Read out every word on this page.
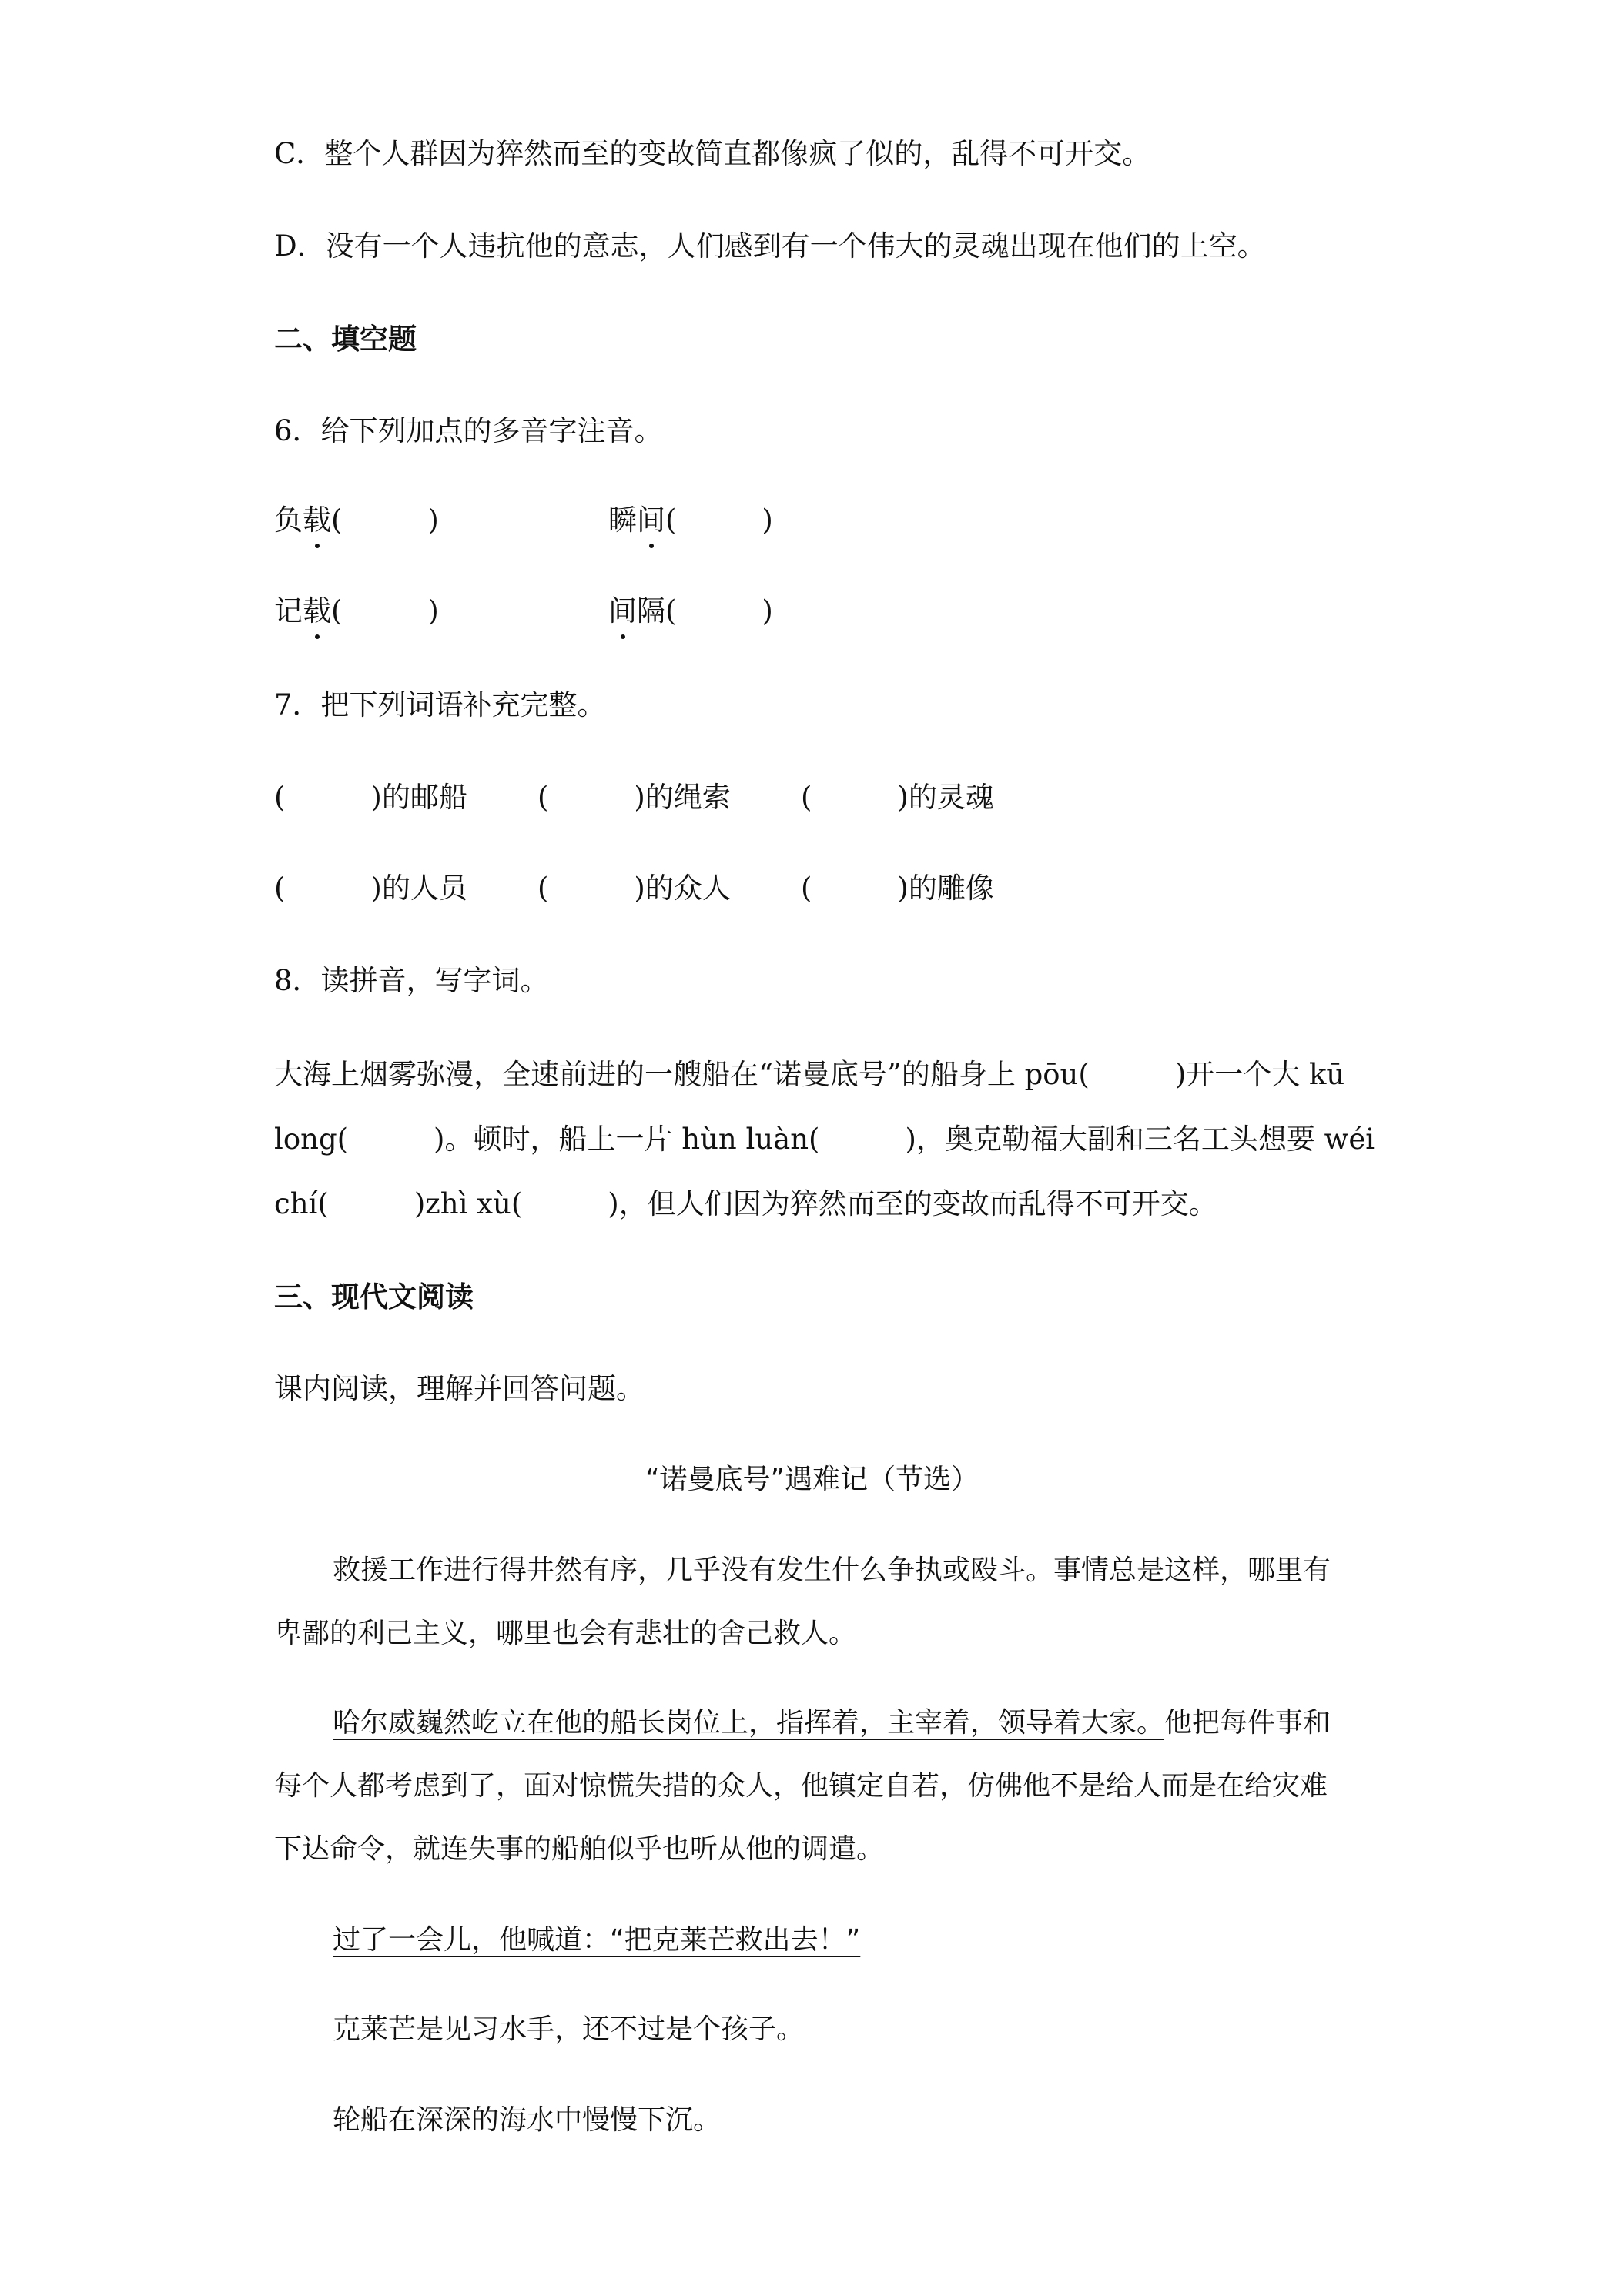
C．整个人群因为猝然而至的变故简直都像疯了似的，乱得不可开交。
D．没有一个人违抗他的意志，人们感到有一个伟大的灵魂出现在他们的上空。
二、填空题
6．给下列加点的多音字注音。
负载(　　　)	瞬间(　　　)
记载(　　　)	间隔(　　　)
7．把下列词语补充完整。
(　　　)的邮船 (　　　)的绳索 (　　　)的灵魂
(　　　)的人员 (　　　)的众人 (　　　)的雕像
8．读拼音，写字词。
大海上烟雾弥漫，全速前进的一艘船在“诺曼底号”的船身上 pōu(　　　)开一个大 kū
long(　　　)。顿时，船上一片 hùn luàn(　　　)，奥克勒福大副和三名工头想要 wéi
chí(　　　)zhì xù(　　　)，但人们因为猝然而至的变故而乱得不可开交。
三、现代文阅读
课内阅读，理解并回答问题。
“诺曼底号”遇难记（节选）
救援工作进行得井然有序，几乎没有发生什么争执或殴斗。事情总是这样，哪里有
卑鄙的利己主义，哪里也会有悲壮的舍己救人。
哈尔威巍然屹立在他的船长岗位上，指挥着，主宰着，领导着大家。他把每件事和
每个人都考虑到了，面对惊慌失措的众人，他镇定自若，仿佛他不是给人而是在给灾难
下达命令，就连失事的船舶似乎也听从他的调遣。
过了一会儿，他喊道：“把克莱芒救出去！”
克莱芒是见习水手，还不过是个孩子。
轮船在深深的海水中慢慢下沉。
